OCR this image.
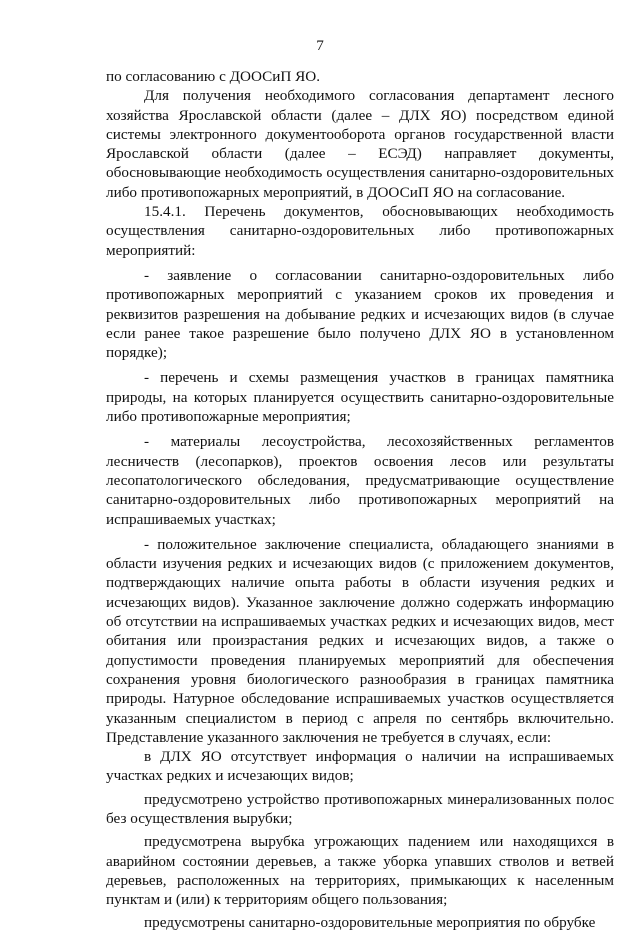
7

по согласованию с ДООСиП ЯО.

Для получения необходимого согласования департамент лесного хозяйства Ярославской области (далее – ДЛХ ЯО) посредством единой системы электронного документооборота органов государственной власти Ярославской области (далее – ЕСЭД) направляет документы, обосновывающие необходимость осуществления санитарно-оздоровительных либо противопожарных мероприятий, в ДООСиП ЯО на согласование.

15.4.1. Перечень документов, обосновывающих необходимость осуществления санитарно-оздоровительных либо противопожарных мероприятий:

- заявление о согласовании санитарно-оздоровительных либо противопожарных мероприятий с указанием сроков их проведения и реквизитов разрешения на добывание редких и исчезающих видов (в случае если ранее такое разрешение было получено ДЛХ ЯО в установленном порядке);

- перечень и схемы размещения участков в границах памятника природы, на которых планируется осуществить санитарно-оздоровительные либо противопожарные мероприятия;

- материалы лесоустройства, лесохозяйственных регламентов лесничеств (лесопарков), проектов освоения лесов или результаты лесопатологического обследования, предусматривающие осуществление санитарно-оздоровительных либо противопожарных мероприятий на испрашиваемых участках;

- положительное заключение специалиста, обладающего знаниями в области изучения редких и исчезающих видов (с приложением документов, подтверждающих наличие опыта работы в области изучения редких и исчезающих видов). Указанное заключение должно содержать информацию об отсутствии на испрашиваемых участках редких и исчезающих видов, мест обитания или произрастания редких и исчезающих видов, а также о допустимости проведения планируемых мероприятий для обеспечения сохранения уровня биологического разнообразия в границах памятника природы. Натурное обследование испрашиваемых участков осуществляется указанным специалистом в период с апреля по сентябрь включительно. Представление указанного заключения не требуется в случаях, если:

в ДЛХ ЯО отсутствует информация о наличии на испрашиваемых участках редких и исчезающих видов;

предусмотрено устройство противопожарных минерализованных полос без осуществления вырубки;

предусмотрена вырубка угрожающих падением или находящихся в аварийном состоянии деревьев, а также уборка упавших стволов и ветвей деревьев, расположенных на территориях, примыкающих к населенным пунктам и (или) к территориям общего пользования;

предусмотрены санитарно-оздоровительные мероприятия по обрубке
